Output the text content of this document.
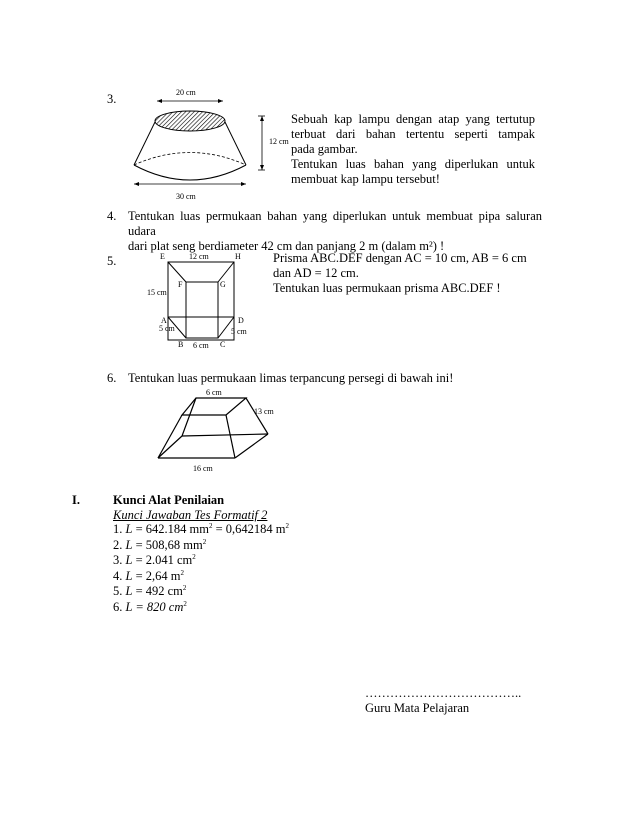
3.	20 cm
12 cm
30 cm
Sebuah kap lampu dengan atap yang tertutup
terbuat dari bahan tertentu seperti tampak
pada gambar.
Tentukan luas bahan yang diperlukan untuk
membuat kap lampu tersebut!
4. Tentukan luas permukaan bahan yang diperlukan untuk membuat pipa saluran udara
dari plat seng berdiameter 42 cm dan panjang 2 m (dalam m²) !
5.	E	12 cm	H
F	G
15 cm
A	D
5 cm	5 cm
B 6 cm C
Prisma ABC.DEF dengan AC = 10 cm, AB = 6 cm
dan AD = 12 cm.
Tentukan luas permukaan prisma ABC.DEF !
6. Tentukan luas permukaan limas terpancung persegi di bawah ini!
6 cm
13 cm
16 cm
I.	Kunci Alat Penilaian
Kunci Jawaban Tes Formatif 2
1. L = 642.184 $mm^2 = 0,642184$ $m^2$
2. L = 508,68 $mm^2$
3. L = 2.041 $cm^2$
4. L = 2,64 $m^2$
5. L = 492 $cm^2$
6. L = 820 $cm^2$
………………………………..
Guru Mata Pelajaran
